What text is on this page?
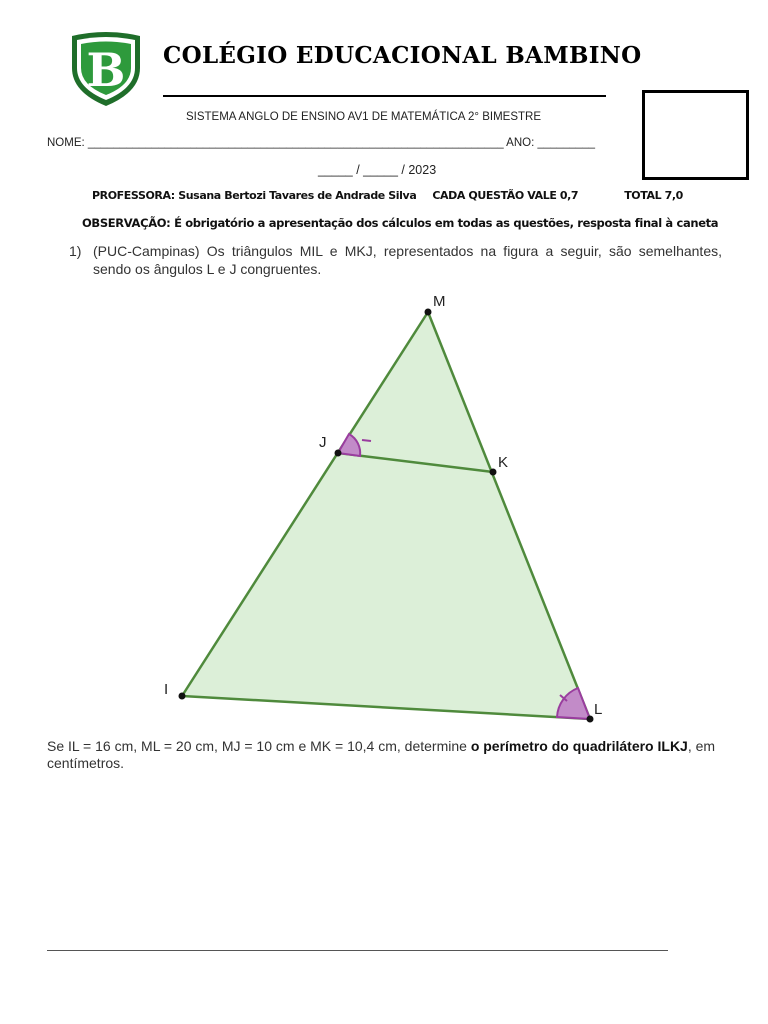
B COLÉGIO EDUCACIONAL BAMBINO
SISTEMA ANGLO DE ENSINO AV1 DE MATEMÁTICA 2° BIMESTRE
NOME: _________________________________________________________________ ANO: _________
_____ / _____ / 2023
PROFESSORA: Susana Bertozi Tavares de Andrade Silva CADA QUESTÃO VALE 0,7	TOTAL 7,0
OBSERVAÇÃO: É obrigatório a apresentação dos cálculos em todas as questões, resposta final à caneta
1) (PUC-Campinas) Os triângulos MIL e MKJ, representados na figura a seguir, são semelhantes, sendo os ângulos L e J congruentes.
M
J
K
I
L
Se IL = 16 cm, ML = 20 cm, MJ = 10 cm e MK = 10,4 cm, determine o perímetro do quadrilátero ILKJ, em centímetros.
